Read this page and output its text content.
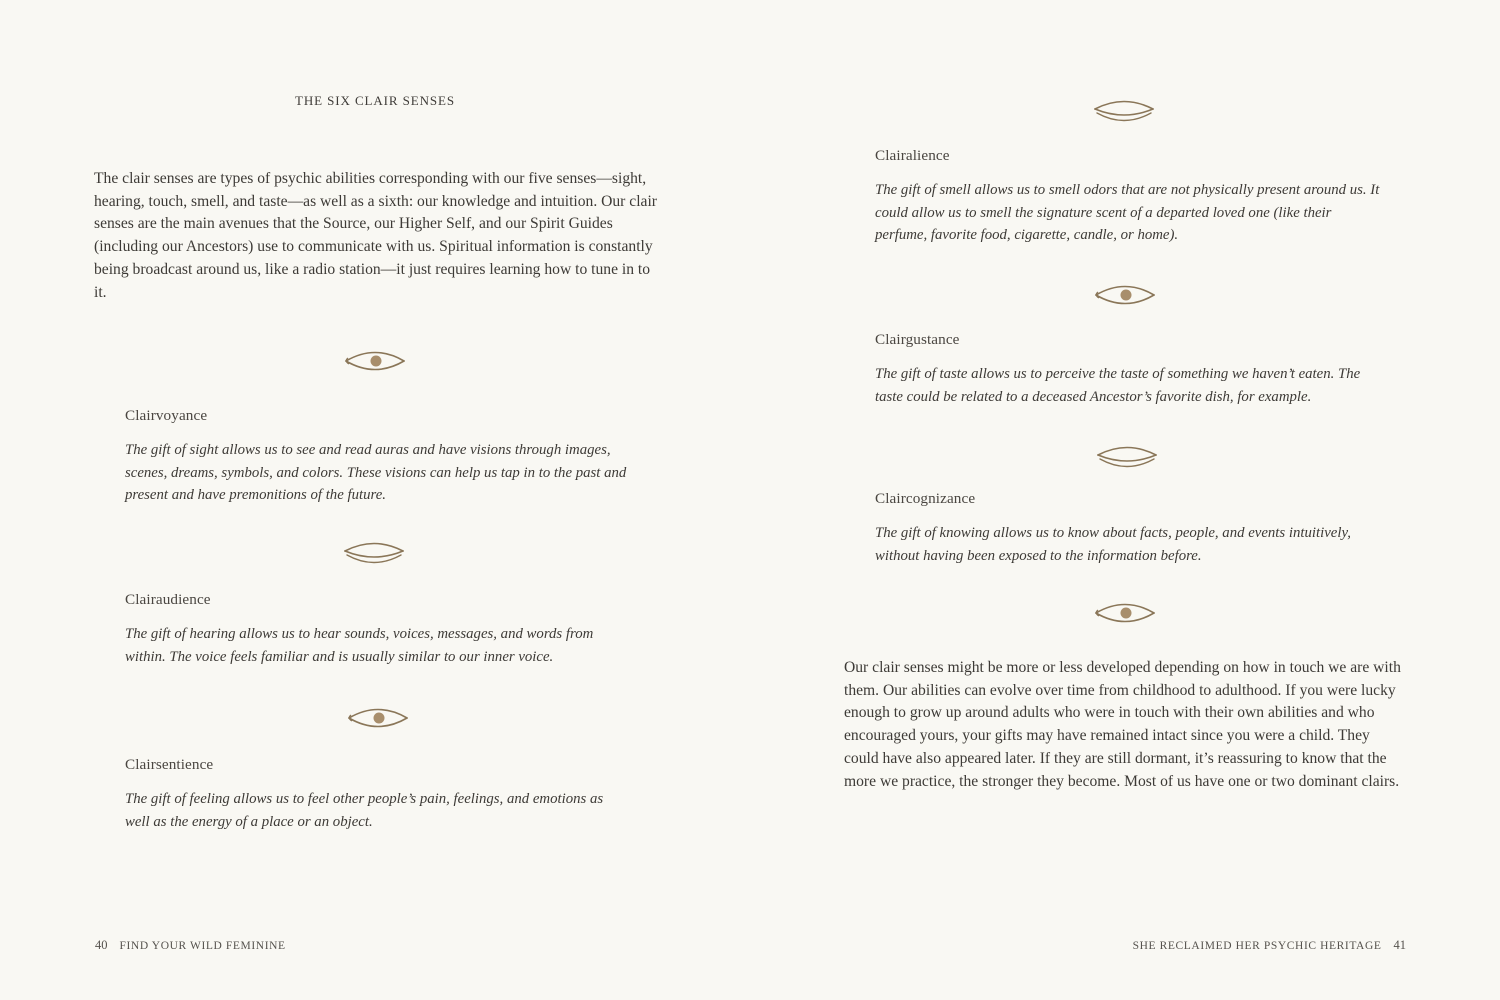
THE SIX CLAIR SENSES

The clair senses are types of psychic abilities corresponding with our five senses—sight, hearing, touch, smell, and taste—as well as a sixth: our knowledge and intuition. Our clair senses are the main avenues that the Source, our Higher Self, and our Spirit Guides (including our Ancestors) use to communicate with us. Spiritual information is constantly being broadcast around us, like a radio station—it just requires learning how to tune in to it.

Clairvoyance

The gift of sight allows us to see and read auras and have visions through images, scenes, dreams, symbols, and colors. These visions can help us tap in to the past and present and have premonitions of the future.

Clairaudience

The gift of hearing allows us to hear sounds, voices, messages, and words from within. The voice feels familiar and is usually similar to our inner voice.

Clairsentience

The gift of feeling allows us to feel other people’s pain, feelings, and emotions as well as the energy of a place or an object.

40 FIND YOUR WILD FEMININE
Clairalience

The gift of smell allows us to smell odors that are not physically present around us. It could allow us to smell the signature scent of a departed loved one (like their perfume, favorite food, cigarette, candle, or home).

Clairgustance

The gift of taste allows us to perceive the taste of something we haven’t eaten. The taste could be related to a deceased Ancestor’s favorite dish, for example.

Claircognizance

The gift of knowing allows us to know about facts, people, and events intuitively, without having been exposed to the information before.

Our clair senses might be more or less developed depending on how in touch we are with them. Our abilities can evolve over time from childhood to adulthood. If you were lucky enough to grow up around adults who were in touch with their own abilities and who encouraged yours, your gifts may have remained intact since you were a child. They could have also appeared later. If they are still dormant, it’s reassuring to know that the more we practice, the stronger they become. Most of us have one or two dominant clairs.

SHE RECLAIMED HER PSYCHIC HERITAGE 41
